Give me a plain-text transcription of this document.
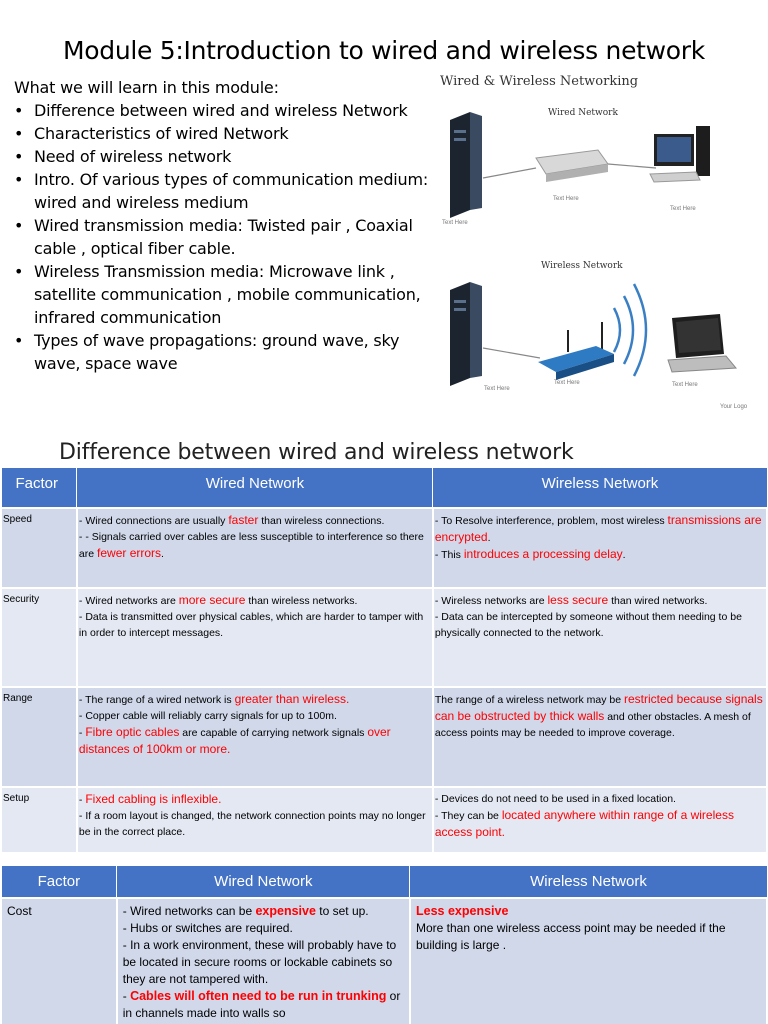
Module 5:Introduction to wired and wireless network
What we will learn in this module:
• Difference between wired and wireless Network
• Characteristics of wired Network
• Need of wireless network
• Intro. Of various types of communication medium: wired and wireless medium
• Wired transmission media: Twisted pair , Coaxial cable , optical fiber cable.
• Wireless Transmission media: Microwave link , satellite communication , mobile communication, infrared communication
• Types of wave propagations: ground wave, sky wave, space wave
Wired & Wireless Networking
Wired Network
Wireless Network
Text Here
Text Here
Text Here
Text Here
Text Here	Text Here
Your Logo
Difference between wired and wireless network
Factor	Wired Network	Wireless Network
Speed	- Wired connections are usually faster than wireless connections.
- - Signals carried over cables are less susceptible to interference so there are fewer errors.	- To Resolve interference, problem, most wireless transmissions are encrypted.
- This introduces a processing delay.
Security	- Wired networks are more secure than wireless networks.
- Data is transmitted over physical cables, which are harder to tamper with in order to intercept messages.	- Wireless networks are less secure than wired networks.
- Data can be intercepted by someone without them needing to be physically connected to the network.
Range	- The range of a wired network is greater than wireless.
- Copper cable will reliably carry signals for up to 100m.
- Fibre optic cables are capable of carrying network signals over distances of 100km or more.	The range of a wireless network may be restricted because signals can be obstructed by thick walls and other obstacles. A mesh of access points may be needed to improve coverage.
Setup	- Fixed cabling is inflexible.
- If a room layout is changed, the network connection points may no longer be in the correct place.	- Devices do not need to be used in a fixed location.
- They can be located anywhere within range of a wireless access point.
Factor	Wired Network	Wireless Network
Cost	- Wired networks can be expensive to set up.
- Hubs or switches are required.
- In a work environment, these will probably have to be located in secure rooms or lockable cabinets so they are not tampered with.
- Cables will often need to be run in trunking or in channels made into walls so	Less expensive
More than one wireless access point may be needed if the building is large .
